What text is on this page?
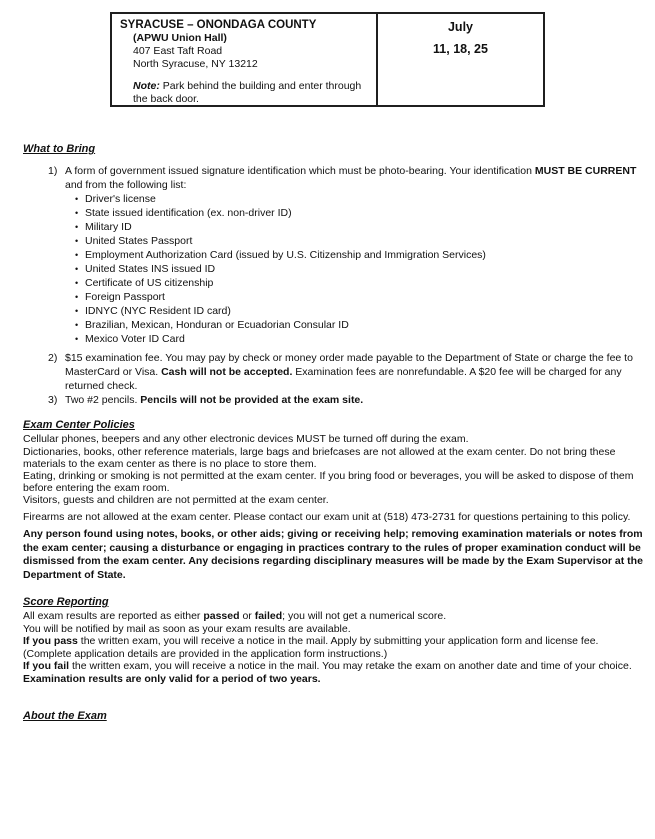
SYRACUSE – ONONDAGA COUNTY
(APWU Union Hall)
407 East Taft Road
North Syracuse, NY 13212
Note: Park behind the building and enter through the back door.
July
11, 18, 25
What to Bring
1) A form of government issued signature identification which must be photo-bearing. Your identification MUST BE CURRENT and from the following list:
• Driver's license
• State issued identification (ex. non-driver ID)
• Military ID
• United States Passport
• Employment Authorization Card (issued by U.S. Citizenship and Immigration Services)
• United States INS issued ID
• Certificate of US citizenship
• Foreign Passport
• IDNYC (NYC Resident ID card)
• Brazilian, Mexican, Honduran or Ecuadorian Consular ID
• Mexico Voter ID Card
2) $15 examination fee. You may pay by check or money order made payable to the Department of State or charge the fee to MasterCard or Visa. Cash will not be accepted. Examination fees are nonrefundable. A $20 fee will be charged for any returned check.
3) Two #2 pencils. Pencils will not be provided at the exam site.
Exam Center Policies

Cellular phones, beepers and any other electronic devices MUST be turned off during the exam.

Dictionaries, books, other reference materials, large bags and briefcases are not allowed at the exam center. Do not bring these materials to the exam center as there is no place to store them.

Eating, drinking or smoking is not permitted at the exam center. If you bring food or beverages, you will be asked to dispose of them before entering the exam room.

Visitors, guests and children are not permitted at the exam center.

Firearms are not allowed at the exam center. Please contact our exam unit at (518) 473-2731 for questions pertaining to this policy.

Any person found using notes, books, or other aids; giving or receiving help; removing examination materials or notes from the exam center; causing a disturbance or engaging in practices contrary to the rules of proper examination conduct will be dismissed from the exam center. Any decisions regarding disciplinary measures will be made by the Exam Supervisor at the Department of State.

Score Reporting

All exam results are reported as either passed or failed; you will not get a numerical score.

You will be notified by mail as soon as your exam results are available.

If you pass the written exam, you will receive a notice in the mail. Apply by submitting your application form and license fee. (Complete application details are provided in the application form instructions.)

If you fail the written exam, you will receive a notice in the mail. You may retake the exam on another date and time of your choice.

Examination results are only valid for a period of two years.

About the Exam
